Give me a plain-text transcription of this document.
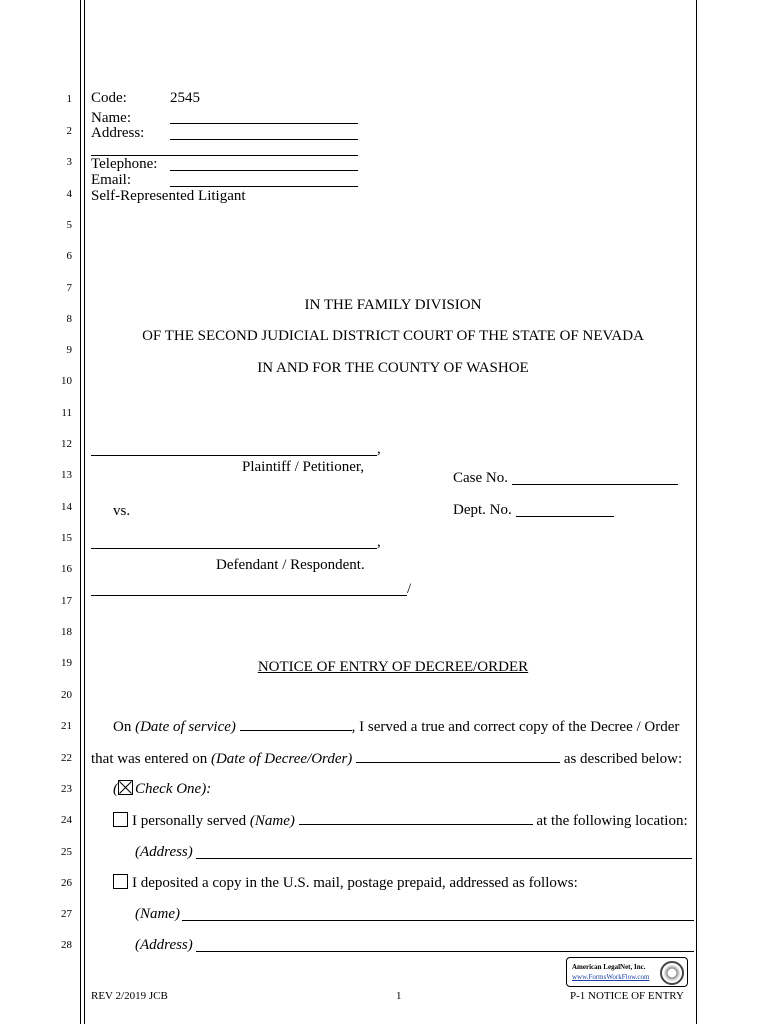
1
2
3
4
5
6
7
8
9
10
11
12
13
14
15
16
17
18
19
20
21
22
23
24
25
26
27
28
Code:	2545
Name:
Address:
Telephone:
Email:
Self-Represented Litigant
IN THE FAMILY DIVISION
OF THE SECOND JUDICIAL DISTRICT COURT OF THE STATE OF NEVADA
IN AND FOR THE COUNTY OF WASHOE
,
Plaintiff / Petitioner,
Case No.
vs.	Dept. No.
,
Defendant / Respondent.
/
NOTICE OF ENTRY OF DECREE/ORDER
On (Date of service)	, I served a true and correct copy of the Decree / Order
that was entered on (Date of Decree/Order)	as described below:
( Check One):
I personally served (Name)	at the following location:
(Address)
I deposited a copy in the U.S. mail, postage prepaid, addressed as follows:
(Name)
(Address)
American LegalNet, Inc.
www.FormsWorkFlow.com
REV 2/2019 JCB	1	P-1 NOTICE OF ENTRY
